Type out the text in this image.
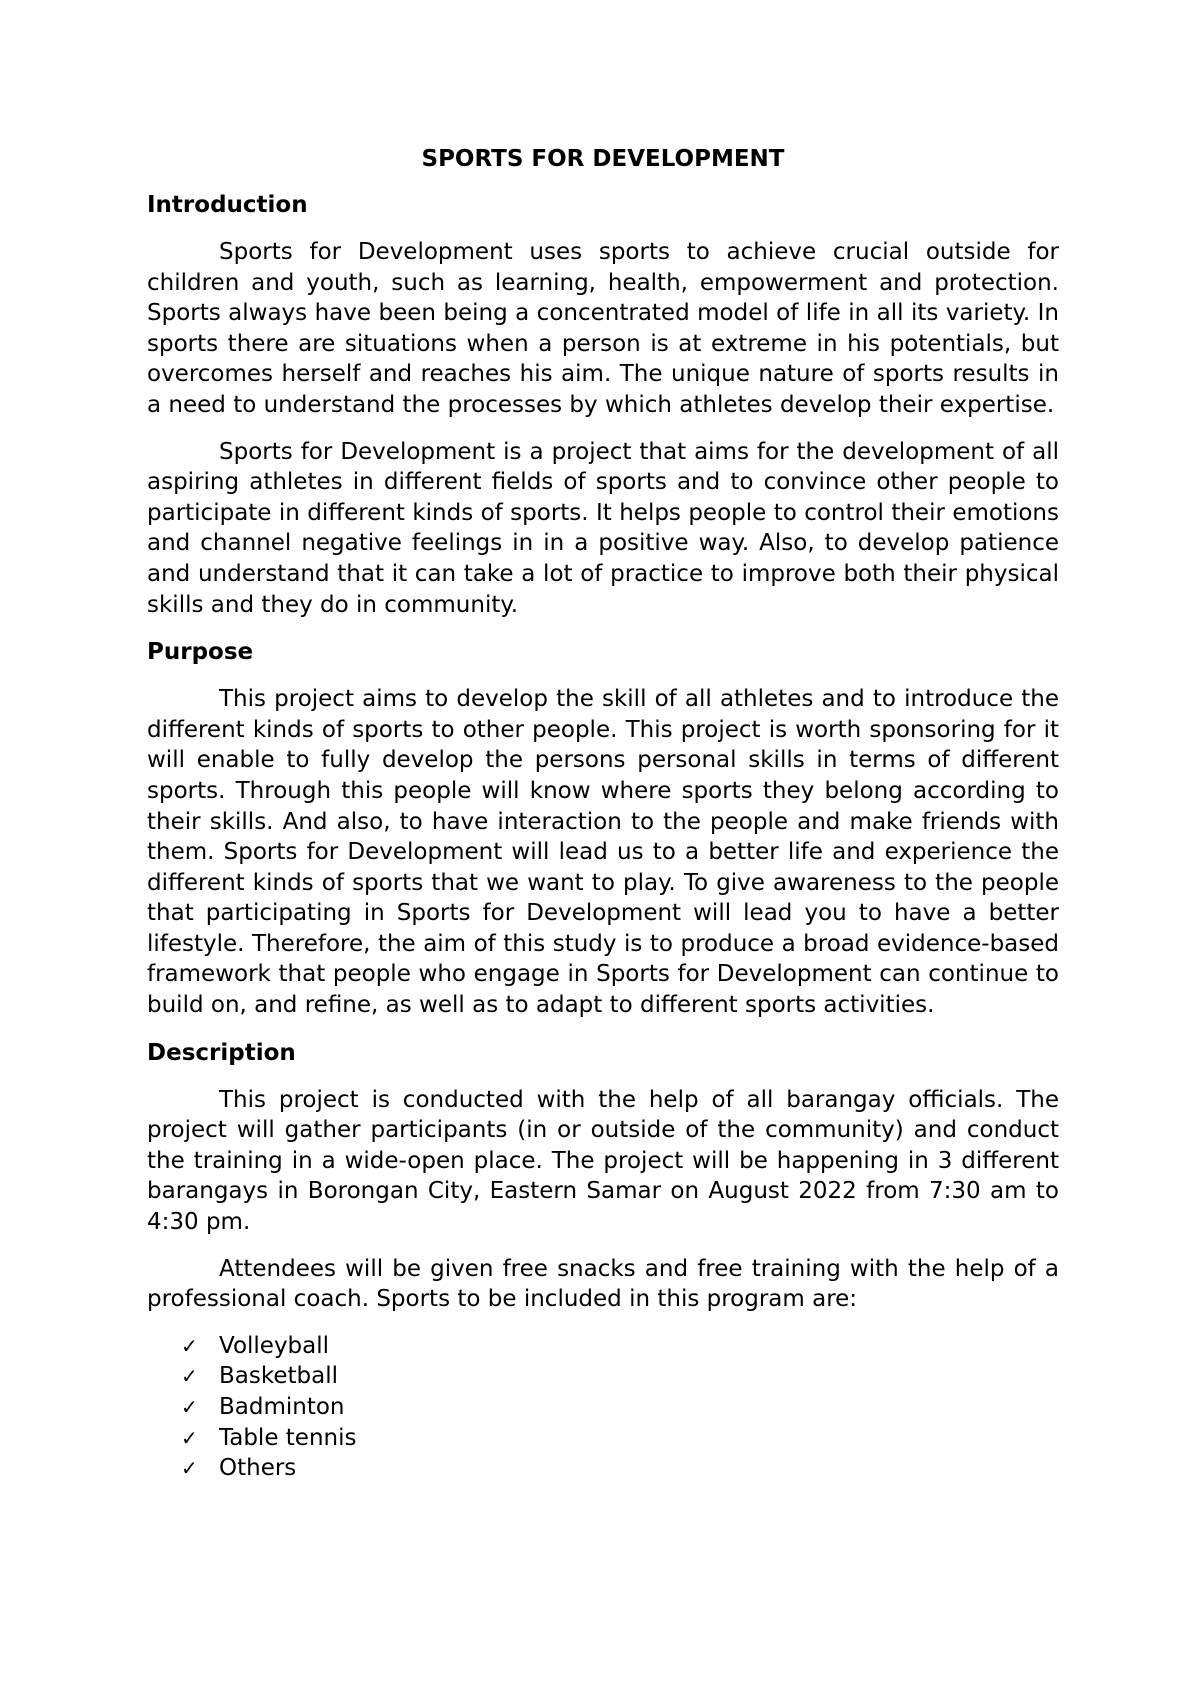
SPORTS FOR DEVELOPMENT
Introduction

Sports for Development uses sports to achieve crucial outside for children and youth, such as learning, health, empowerment and protection. Sports always have been being a concentrated model of life in all its variety. In sports there are situations when a person is at extreme in his potentials, but overcomes herself and reaches his aim. The unique nature of sports results in a need to understand the processes by which athletes develop their expertise.

Sports for Development is a project that aims for the development of all aspiring athletes in different fields of sports and to convince other people to participate in different kinds of sports. It helps people to control their emotions and channel negative feelings in in a positive way. Also, to develop patience and understand that it can take a lot of practice to improve both their physical skills and they do in community.

Purpose

This project aims to develop the skill of all athletes and to introduce the different kinds of sports to other people. This project is worth sponsoring for it will enable to fully develop the persons personal skills in terms of different sports. Through this people will know where sports they belong according to their skills. And also, to have interaction to the people and make friends with them. Sports for Development will lead us to a better life and experience the different kinds of sports that we want to play. To give awareness to the people that participating in Sports for Development will lead you to have a better lifestyle. Therefore, the aim of this study is to produce a broad evidence-based framework that people who engage in Sports for Development can continue to build on, and refine, as well as to adapt to different sports activities.

Description

This project is conducted with the help of all barangay officials. The project will gather participants (in or outside of the community) and conduct the training in a wide-open place. The project will be happening in 3 different barangays in Borongan City, Eastern Samar on August 2022 from 7:30 am to 4:30 pm.

Attendees will be given free snacks and free training with the help of a professional coach. Sports to be included in this program are:

✓ Volleyball
✓ Basketball
✓ Badminton
✓ Table tennis
✓ Others
